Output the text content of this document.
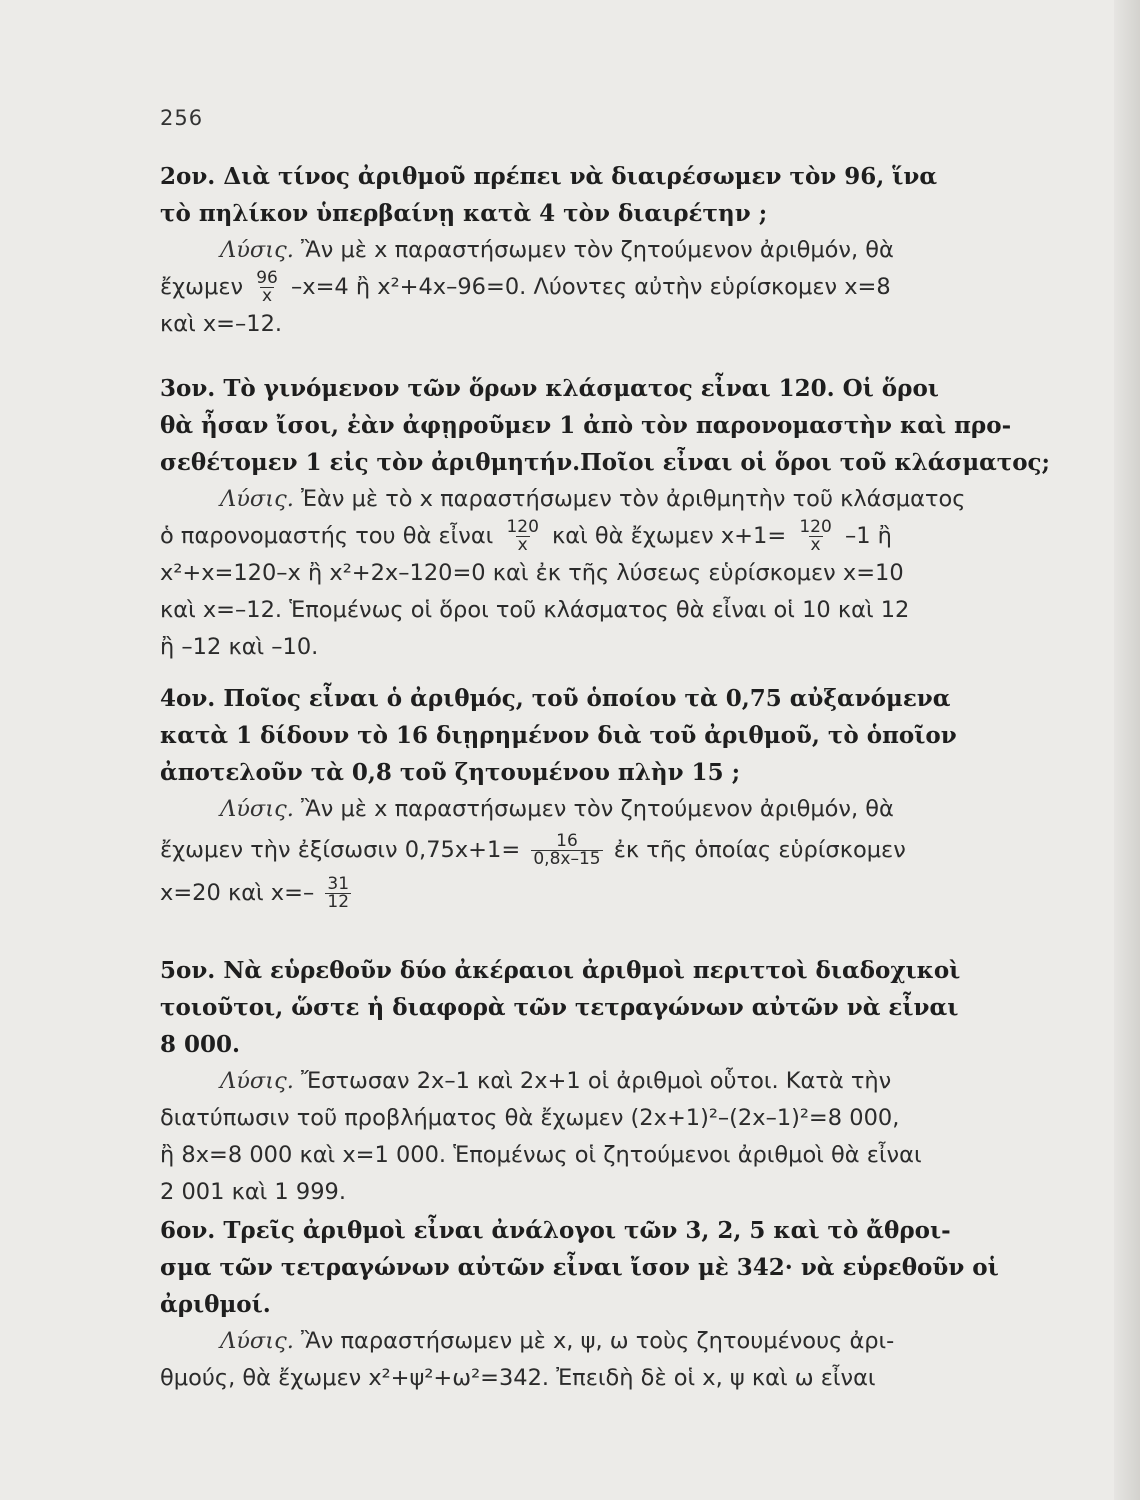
256
2ον. Διὰ τίνος ἀριθμοῦ πρέπει νὰ διαιρέσωμεν τὸν 96, ἵνα
τὸ πηλίκον ὑπερβαίνῃ κατὰ 4 τὸν διαιρέτην ;
Λύσις. Ἂν μὲ x παραστήσωμεν τὸν ζητούμενον ἀριθμόν, θὰ
ἔχωμεν $\frac{96}{x} -x=4$ ἢ x²+4x–96=0. Λύοντες αὐτὴν εὑρίσκομεν x=8
καὶ x=–12.
3ον. Τὸ γινόμενον τῶν ὅρων κλάσματος εἶναι 120. Οἱ ὅροι
θὰ ἦσαν ἴσοι, ἐὰν ἀφῃροῦμεν 1 ἀπὸ τὸν παρονομαστὴν καὶ προ-
σεθέτομεν 1 εἰς τὸν ἀριθμητήν.Ποῖοι εἶναι οἱ ὅροι τοῦ κλάσματος;
Λύσις. Ἐὰν μὲ τὸ x παραστήσωμεν τὸν ἀριθμητὴν τοῦ κλάσματος
ὁ παρονομαστής του θὰ εἶναι $\frac{120}{x}$ καὶ θὰ ἔχωμεν $x+1= \frac{120}{x} -1$ ἢ
x²+x=120–x ἢ x²+2x–120=0 καὶ ἐκ τῆς λύσεως εὑρίσκομεν x=10
καὶ x=–12. Ἑπομένως οἱ ὅροι τοῦ κλάσματος θὰ εἶναι οἱ 10 καὶ 12
ἢ –12 καὶ –10.
4ον. Ποῖος εἶναι ὁ ἀριθμός, τοῦ ὁποίου τὰ 0,75 αὐξανόμενα
κατὰ 1 δίδουν τὸ 16 διῃρημένον διὰ τοῦ ἀριθμοῦ, τὸ ὁποῖον
ἀποτελοῦν τὰ 0,8 τοῦ ζητουμένου πλὴν 15 ;
Λύσις. Ἂν μὲ x παραστήσωμεν τὸν ζητούμενον ἀριθμόν, θὰ
ἔχωμεν τὴν ἐξίσωσιν $0,75x+1= \frac{16}{0,8x-15}$ ἐκ τῆς ὁποίας εὑρίσκομεν
x=20 καὶ $x=- \frac{31}{12}$
5ον. Νὰ εὑρεθοῦν δύο ἀκέραιοι ἀριθμοὶ περιττοὶ διαδοχικοὶ
τοιοῦτοι, ὥστε ἡ διαφορὰ τῶν τετραγώνων αὐτῶν νὰ εἶναι
8 000.
Λύσις. Ἔστωσαν 2x–1 καὶ 2x+1 οἱ ἀριθμοὶ οὗτοι. Κατὰ τὴν
διατύπωσιν τοῦ προβλήματος θὰ ἔχωμεν (2x+1)²–(2x–1)²=8 000,
ἢ 8x=8 000 καὶ x=1 000. Ἑπομένως οἱ ζητούμενοι ἀριθμοὶ θὰ εἶναι
2 001 καὶ 1 999.
6ον. Τρεῖς ἀριθμοὶ εἶναι ἀνάλογοι τῶν 3, 2, 5 καὶ τὸ ἄθροι-
σμα τῶν τετραγώνων αὐτῶν εἶναι ἴσον μὲ 342· νὰ εὑρεθοῦν οἱ
ἀριθμοί.
Λύσις. Ἂν παραστήσωμεν μὲ x, ψ, ω τοὺς ζητουμένους ἀρι-
θμούς, θὰ ἔχωμεν x²+ψ²+ω²=342. Ἐπειδὴ δὲ οἱ x, ψ καὶ ω εἶναι
